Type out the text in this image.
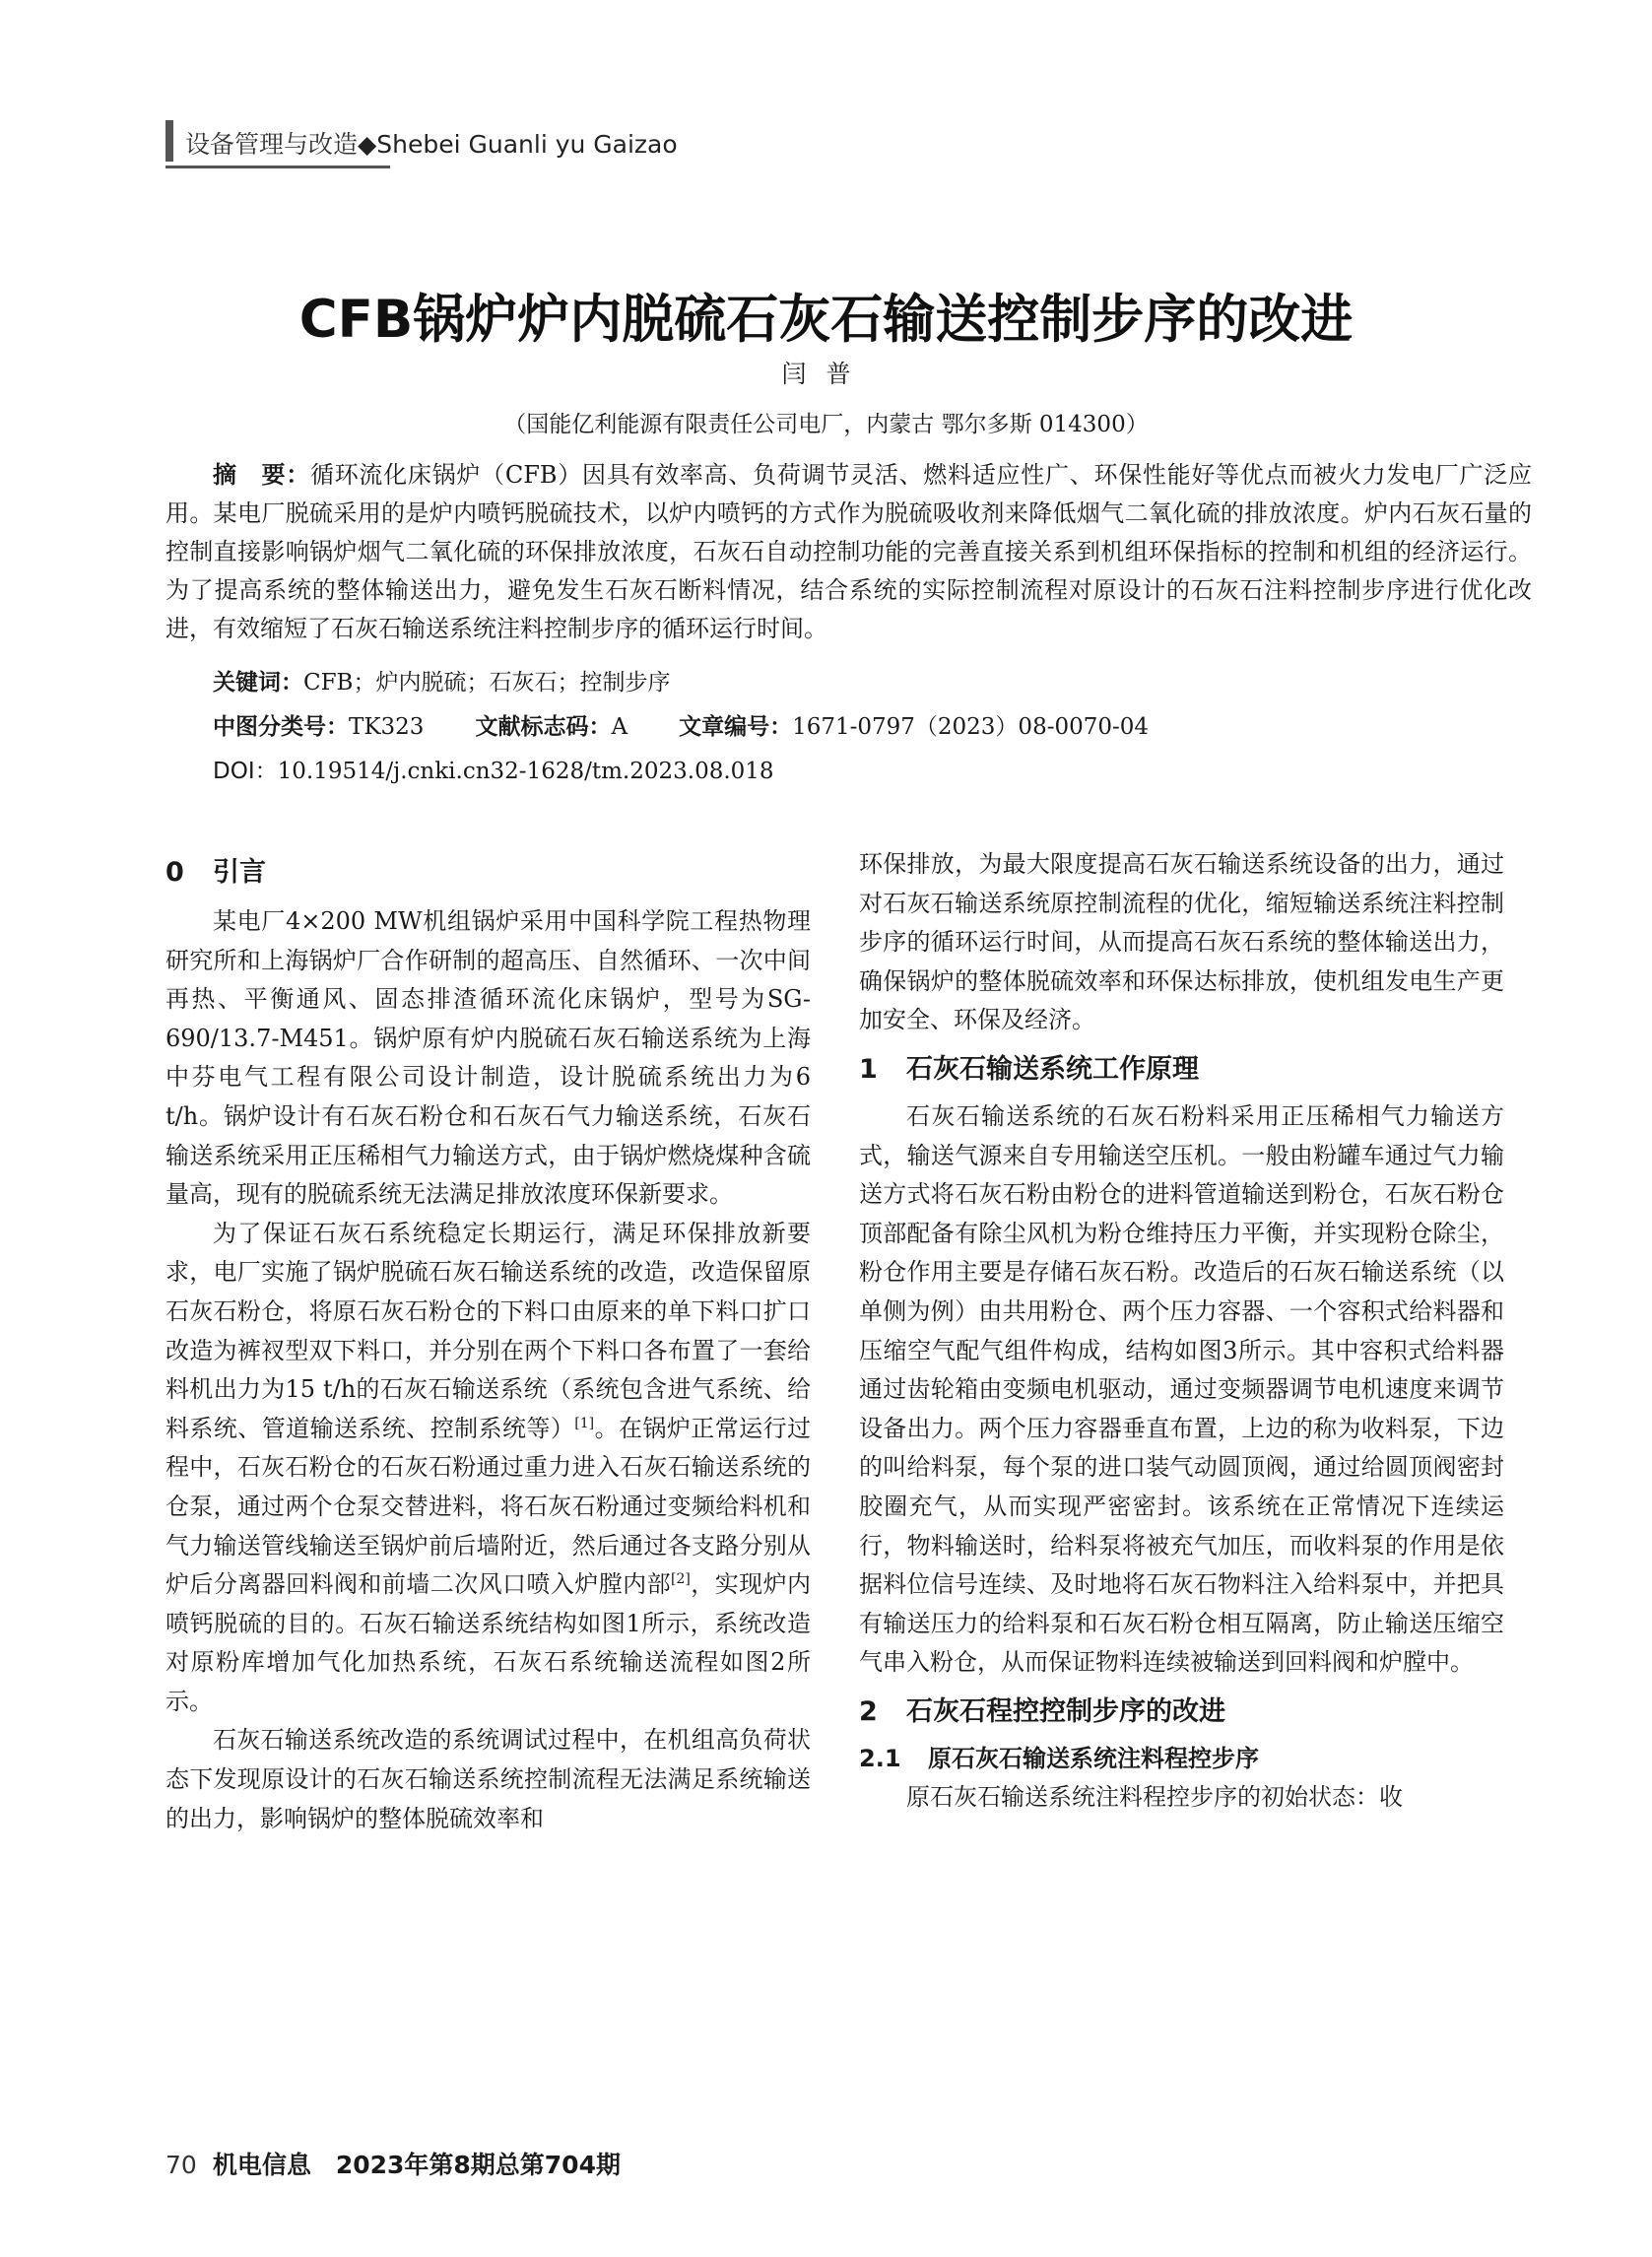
设备管理与改造◆Shebei Guanli yu Gaizao
CFB锅炉炉内脱硫石灰石输送控制步序的改进
闫普
（国能亿利能源有限责任公司电厂，内蒙古 鄂尔多斯 014300）
摘　要：循环流化床锅炉（CFB）因具有效率高、负荷调节灵活、燃料适应性广、环保性能好等优点而被火力发电厂广泛应用。某电厂脱硫采用的是炉内喷钙脱硫技术，以炉内喷钙的方式作为脱硫吸收剂来降低烟气二氧化硫的排放浓度。炉内石灰石量的控制直接影响锅炉烟气二氧化硫的环保排放浓度，石灰石自动控制功能的完善直接关系到机组环保指标的控制和机组的经济运行。为了提高系统的整体输送出力，避免发生石灰石断料情况，结合系统的实际控制流程对原设计的石灰石注料控制步序进行优化改进，有效缩短了石灰石输送系统注料控制步序的循环运行时间。
关键词：CFB；炉内脱硫；石灰石；控制步序
中图分类号：TK323 文献标志码：A 文章编号：1671-0797（2023）08-0070-04
DOI：10.19514/j.cnki.cn32-1628/tm.2023.08.018
0 引言

某电厂4×200 MW机组锅炉采用中国科学院工程热物理研究所和上海锅炉厂合作研制的超高压、自然循环、一次中间再热、平衡通风、固态排渣循环流化床锅炉，型号为SG-690/13.7-M451。锅炉原有炉内脱硫石灰石输送系统为上海中芬电气工程有限公司设计制造，设计脱硫系统出力为6 t/h。锅炉设计有石灰石粉仓和石灰石气力输送系统，石灰石输送系统采用正压稀相气力输送方式，由于锅炉燃烧煤种含硫量高，现有的脱硫系统无法满足排放浓度环保新要求。

为了保证石灰石系统稳定长期运行，满足环保排放新要求，电厂实施了锅炉脱硫石灰石输送系统的改造，改造保留原石灰石粉仓，将原石灰石粉仓的下料口由原来的单下料口扩口改造为裤衩型双下料口，并分别在两个下料口各布置了一套给料机出力为15 t/h的石灰石输送系统（系统包含进气系统、给料系统、管道输送系统、控制系统等）[1]。在锅炉正常运行过程中，石灰石粉仓的石灰石粉通过重力进入石灰石输送系统的仓泵，通过两个仓泵交替进料，将石灰石粉通过变频给料机和气力输送管线输送至锅炉前后墙附近，然后通过各支路分别从炉后分离器回料阀和前墙二次风口喷入炉膛内部[2]，实现炉内喷钙脱硫的目的。石灰石输送系统结构如图1所示，系统改造对原粉库增加气化加热系统，石灰石系统输送流程如图2所示。

石灰石输送系统改造的系统调试过程中，在机组高负荷状态下发现原设计的石灰石输送系统控制流程无法满足系统输送的出力，影响锅炉的整体脱硫效率和

环保排放，为最大限度提高石灰石输送系统设备的出力，通过对石灰石输送系统原控制流程的优化，缩短输送系统注料控制步序的循环运行时间，从而提高石灰石系统的整体输送出力，确保锅炉的整体脱硫效率和环保达标排放，使机组发电生产更加安全、环保及经济。

1 石灰石输送系统工作原理

石灰石输送系统的石灰石粉料采用正压稀相气力输送方式，输送气源来自专用输送空压机。一般由粉罐车通过气力输送方式将石灰石粉由粉仓的进料管道输送到粉仓，石灰石粉仓顶部配备有除尘风机为粉仓维持压力平衡，并实现粉仓除尘，粉仓作用主要是存储石灰石粉。改造后的石灰石输送系统（以单侧为例）由共用粉仓、两个压力容器、一个容积式给料器和压缩空气配气组件构成，结构如图3所示。其中容积式给料器通过齿轮箱由变频电机驱动，通过变频器调节电机速度来调节设备出力。两个压力容器垂直布置，上边的称为收料泵，下边的叫给料泵，每个泵的进口装气动圆顶阀，通过给圆顶阀密封胶圈充气，从而实现严密密封。该系统在正常情况下连续运行，物料输送时，给料泵将被充气加压，而收料泵的作用是依据料位信号连续、及时地将石灰石物料注入给料泵中，并把具有输送压力的给料泵和石灰石粉仓相互隔离，防止输送压缩空气串入粉仓，从而保证物料连续被输送到回料阀和炉膛中。

2 石灰石程控控制步序的改进
2.1 原石灰石输送系统注料程控步序

原石灰石输送系统注料程控步序的初始状态：收

70 机电信息　2023年第8期总第704期
